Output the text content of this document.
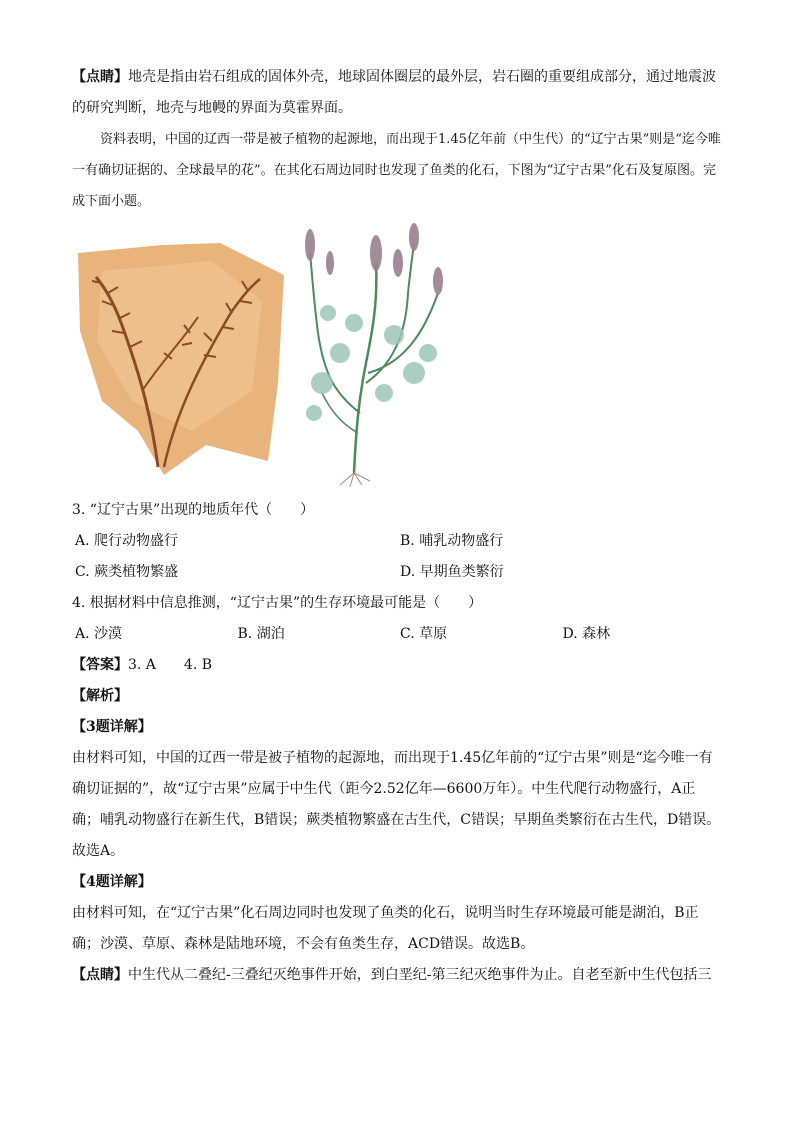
【点睛】地壳是指由岩石组成的固体外壳，地球固体圈层的最外层，岩石圈的重要组成部分，通过地震波的研究判断，地壳与地幔的界面为莫霍界面。

资料表明，中国的辽西一带是被子植物的起源地，而出现于1.45亿年前（中生代）的“辽宁古果”则是“迄今唯一有确切证据的、全球最早的花”。在其化石周边同时也发现了鱼类的化石，下图为“辽宁古果”化石及复原图。完成下面小题。

3. “辽宁古果”出现的地质年代（　　）
A. 爬行动物盛行	B. 哺乳动物盛行
C. 蕨类植物繁盛	D. 早期鱼类繁衍
4. 根据材料中信息推测，“辽宁古果”的生存环境最可能是（　　）
A. 沙漠	B. 湖泊	C. 草原	D. 森林
【答案】3. A 4. B
【解析】
【3题详解】

由材料可知，中国的辽西一带是被子植物的起源地，而出现于1.45亿年前的“辽宁古果”则是“迄今唯一有确切证据的”，故“辽宁古果”应属于中生代（距今2.52亿年—6600万年）。中生代爬行动物盛行，A正确；哺乳动物盛行在新生代，B错误；蕨类植物繁盛在古生代，C错误；早期鱼类繁衍在古生代，D错误。故选A。

【4题详解】

由材料可知，在“辽宁古果”化石周边同时也发现了鱼类的化石，说明当时生存环境最可能是湖泊，B正确；沙漠、草原、森林是陆地环境，不会有鱼类生存，ACD错误。故选B。

【点睛】中生代从二叠纪-三叠纪灭绝事件开始，到白垩纪-第三纪灭绝事件为止。自老至新中生代包括三
